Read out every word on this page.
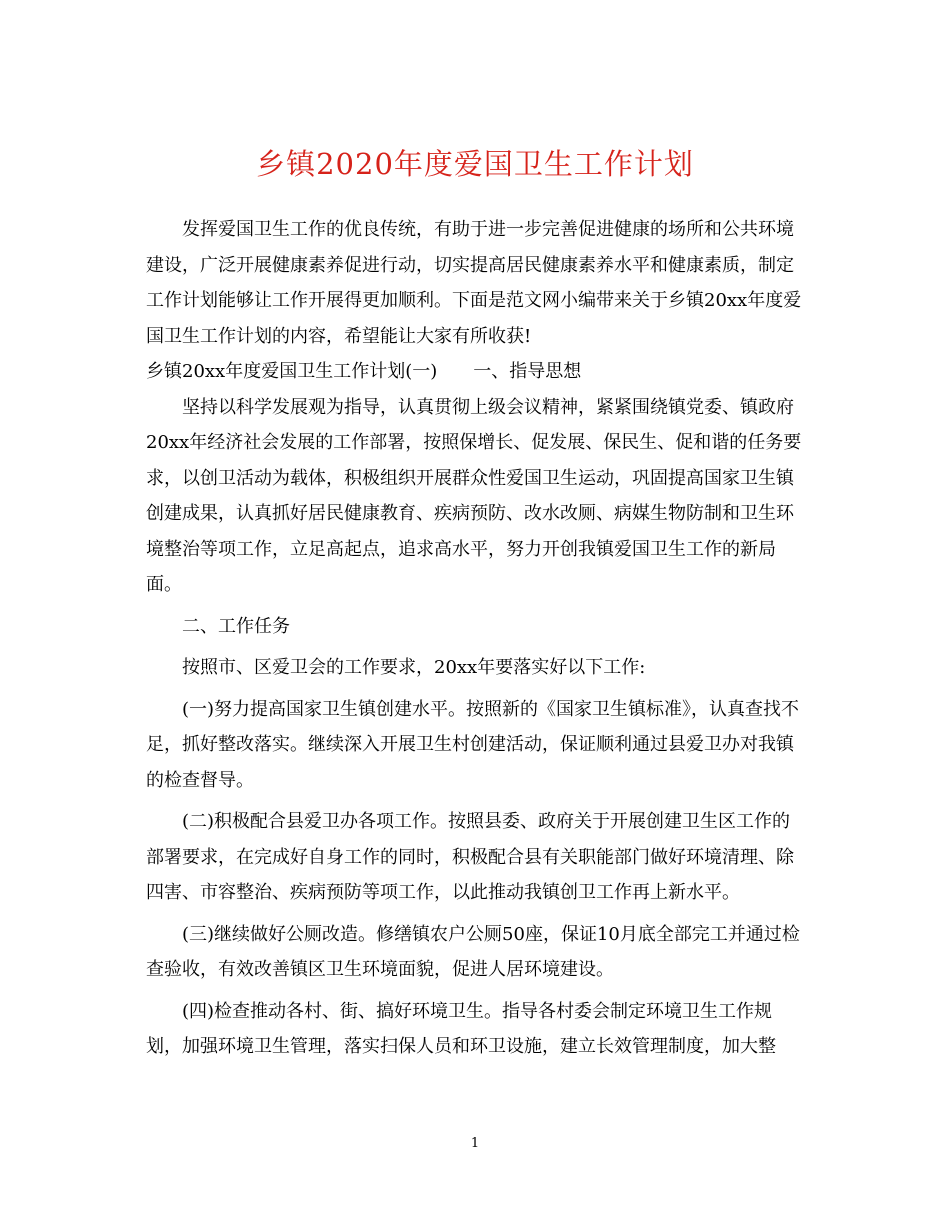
乡镇2020年度爱国卫生工作计划

发挥爱国卫生工作的优良传统，有助于进一步完善促进健康的场所和公共环境建设，广泛开展健康素养促进行动，切实提高居民健康素养水平和健康素质，制定工作计划能够让工作开展得更加顺利。下面是范文网小编带来关于乡镇20xx年度爱国卫生工作计划的内容，希望能让大家有所收获!

乡镇20xx年度爱国卫生工作计划(一)　　一、指导思想

坚持以科学发展观为指导，认真贯彻上级会议精神，紧紧围绕镇党委、镇政府20xx年经济社会发展的工作部署，按照保增长、促发展、保民生、促和谐的任务要求，以创卫活动为载体，积极组织开展群众性爱国卫生运动，巩固提高国家卫生镇创建成果，认真抓好居民健康教育、疾病预防、改水改厕、病媒生物防制和卫生环境整治等项工作，立足高起点，追求高水平，努力开创我镇爱国卫生工作的新局面。

二、工作任务

按照市、区爱卫会的工作要求，20xx年要落实好以下工作:

(一)努力提高国家卫生镇创建水平。按照新的《国家卫生镇标准》，认真查找不足，抓好整改落实。继续深入开展卫生村创建活动，保证顺利通过县爱卫办对我镇的检查督导。

(二)积极配合县爱卫办各项工作。按照县委、政府关于开展创建卫生区工作的部署要求，在完成好自身工作的同时，积极配合县有关职能部门做好环境清理、除四害、市容整治、疾病预防等项工作，以此推动我镇创卫工作再上新水平。

(三)继续做好公厕改造。修缮镇农户公厕50座，保证10月底全部完工并通过检查验收，有效改善镇区卫生环境面貌，促进人居环境建设。

(四)检查推动各村、街、搞好环境卫生。指导各村委会制定环境卫生工作规划，加强环境卫生管理，落实扫保人员和环卫设施，建立长效管理制度，加大整

1
